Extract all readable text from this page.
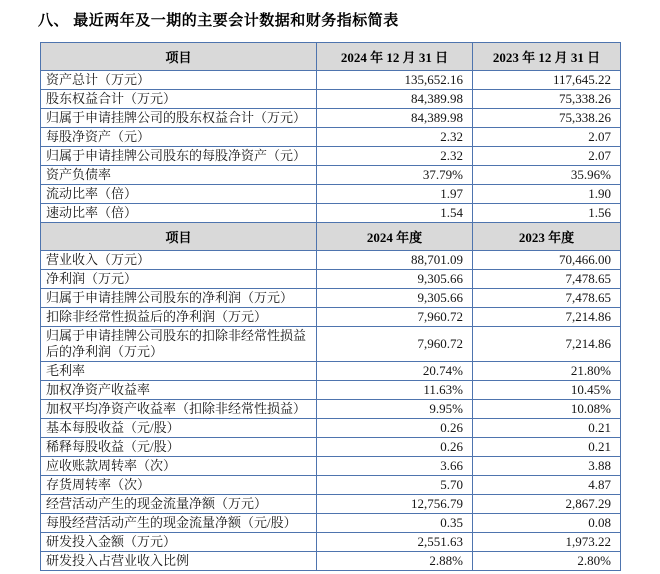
八、 最近两年及一期的主要会计数据和财务指标简表
项目	2024 年 12 月 31 日	2023 年 12 月 31 日
资产总计（万元）	135,652.16	117,645.22
股东权益合计（万元）	84,389.98	75,338.26
归属于申请挂牌公司的股东权益合计（万元）	84,389.98	75,338.26
每股净资产（元）	2.32	2.07
归属于申请挂牌公司股东的每股净资产（元）	2.32	2.07
资产负债率	37.79%	35.96%
流动比率（倍）	1.97	1.90
速动比率（倍）	1.54	1.56
项目	2024 年度	2023 年度
营业收入（万元）	88,701.09	70,466.00
净利润（万元）	9,305.66	7,478.65
归属于申请挂牌公司股东的净利润（万元）	9,305.66	7,478.65
扣除非经常性损益后的净利润（万元）	7,960.72	7,214.86
归属于申请挂牌公司股东的扣除非经常性损益后的净利润（万元）	7,960.72	7,214.86
毛利率	20.74%	21.80%
加权净资产收益率	11.63%	10.45%
加权平均净资产收益率（扣除非经常性损益）	9.95%	10.08%
基本每股收益（元/股）	0.26	0.21
稀释每股收益（元/股）	0.26	0.21
应收账款周转率（次）	3.66	3.88
存货周转率（次）	5.70	4.87
经营活动产生的现金流量净额（万元）	12,756.79	2,867.29
每股经营活动产生的现金流量净额（元/股）	0.35	0.08
研发投入金额（万元）	2,551.63	1,973.22
研发投入占营业收入比例	2.88%	2.80%
